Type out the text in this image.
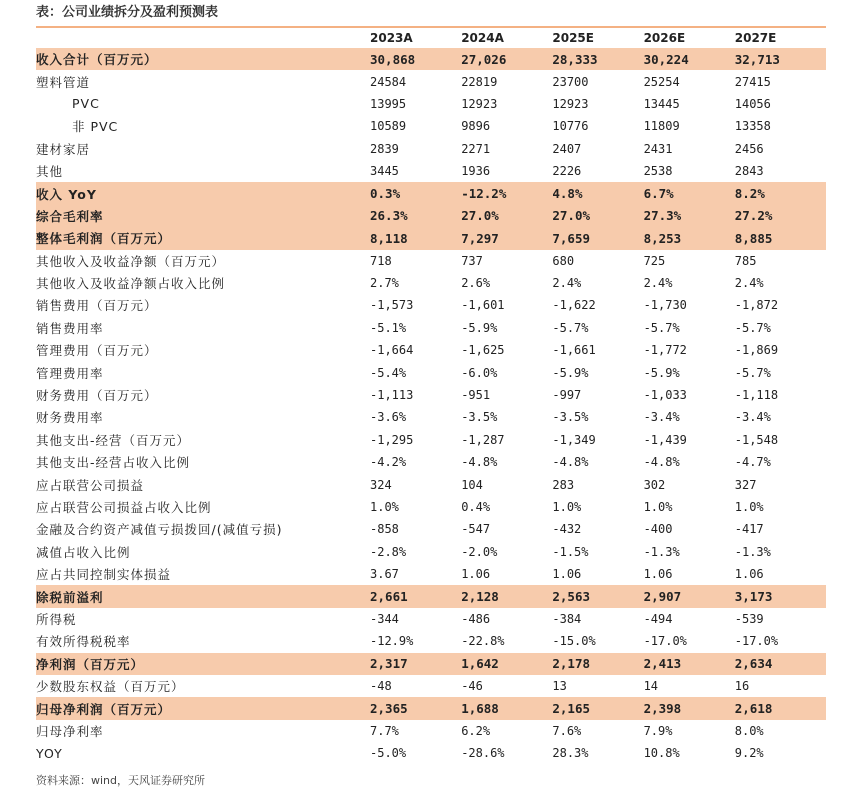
表：公司业绩拆分及盈利预测表
2023A	2024A	2025E	2026E	2027E
收入合计（百万元）	30,868	27,026	28,333	30,224	32,713
塑料管道	24584	22819	23700	25254	27415
PVC	13995	12923	12923	13445	14056
非 PVC	10589	9896	10776	11809	13358
建材家居	2839	2271	2407	2431	2456
其他	3445	1936	2226	2538	2843
收入 YoY	0.3%	-12.2%	4.8%	6.7%	8.2%
综合毛利率	26.3%	27.0%	27.0%	27.3%	27.2%
整体毛利润（百万元）	8,118	7,297	7,659	8,253	8,885
其他收入及收益净额（百万元）	718	737	680	725	785
其他收入及收益净额占收入比例	2.7%	2.6%	2.4%	2.4%	2.4%
销售费用（百万元）	-1,573	-1,601	-1,622	-1,730	-1,872
销售费用率	-5.1%	-5.9%	-5.7%	-5.7%	-5.7%
管理费用（百万元）	-1,664	-1,625	-1,661	-1,772	-1,869
管理费用率	-5.4%	-6.0%	-5.9%	-5.9%	-5.7%
财务费用（百万元）	-1,113	-951	-997	-1,033	-1,118
财务费用率	-3.6%	-3.5%	-3.5%	-3.4%	-3.4%
其他支出-经营（百万元）	-1,295	-1,287	-1,349	-1,439	-1,548
其他支出-经营占收入比例	-4.2%	-4.8%	-4.8%	-4.8%	-4.7%
应占联营公司损益	324	104	283	302	327
应占联营公司损益占收入比例	1.0%	0.4%	1.0%	1.0%	1.0%
金融及合约资产减值亏损拨回/(减值亏损)	-858	-547	-432	-400	-417
减值占收入比例	-2.8%	-2.0%	-1.5%	-1.3%	-1.3%
应占共同控制实体损益	3.67	1.06	1.06	1.06	1.06
除税前溢利	2,661	2,128	2,563	2,907	3,173
所得税	-344	-486	-384	-494	-539
有效所得税税率	-12.9%	-22.8%	-15.0%	-17.0%	-17.0%
净利润（百万元）	2,317	1,642	2,178	2,413	2,634
少数股东权益（百万元）	-48	-46	13	14	16
归母净利润（百万元）	2,365	1,688	2,165	2,398	2,618
归母净利率	7.7%	6.2%	7.6%	7.9%	8.0%
YOY	-5.0%	-28.6%	28.3%	10.8%	9.2%
资料来源：wind，天风证券研究所
